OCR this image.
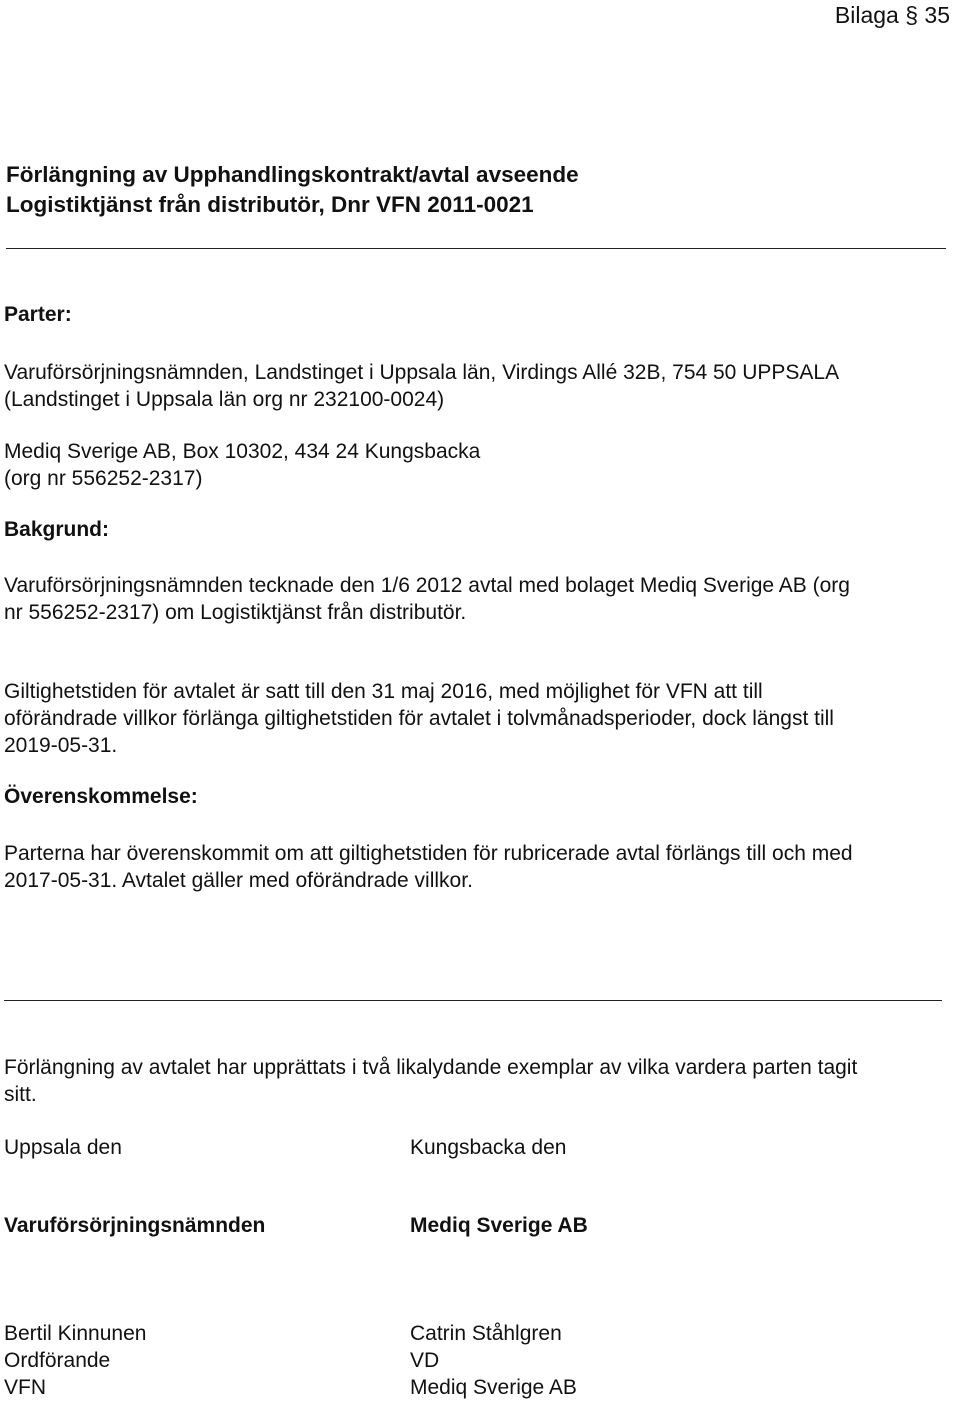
Bilaga § 35
Förlängning av Upphandlingskontrakt/avtal avseende
Logistiktjänst från distributör, Dnr VFN 2011-0021
Parter:
Varuförsörjningsnämnden, Landstinget i Uppsala län, Virdings Allé 32B, 754 50 UPPSALA
(Landstinget i Uppsala län org nr 232100-0024)
Mediq Sverige AB, Box 10302, 434 24 Kungsbacka
(org nr 556252-2317)
Bakgrund:
Varuförsörjningsnämnden tecknade den 1/6 2012 avtal med bolaget Mediq Sverige AB (org
nr 556252-2317) om Logistiktjänst från distributör.
Giltighetstiden för avtalet är satt till den 31 maj 2016, med möjlighet för VFN att till
oförändrade villkor förlänga giltighetstiden för avtalet i tolvmånadsperioder, dock längst till
2019-05-31.
Överenskommelse:
Parterna har överenskommit om att giltighetstiden för rubricerade avtal förlängs till och med
2017-05-31. Avtalet gäller med oförändrade villkor.
Förlängning av avtalet har upprättats i två likalydande exemplar av vilka vardera parten tagit
sitt.
Uppsala den
Varuförsörjningsnämnden
Bertil Kinnunen
Ordförande
VFN
Kungsbacka den
Mediq Sverige AB
Catrin Ståhlgren
VD
Mediq Sverige AB
